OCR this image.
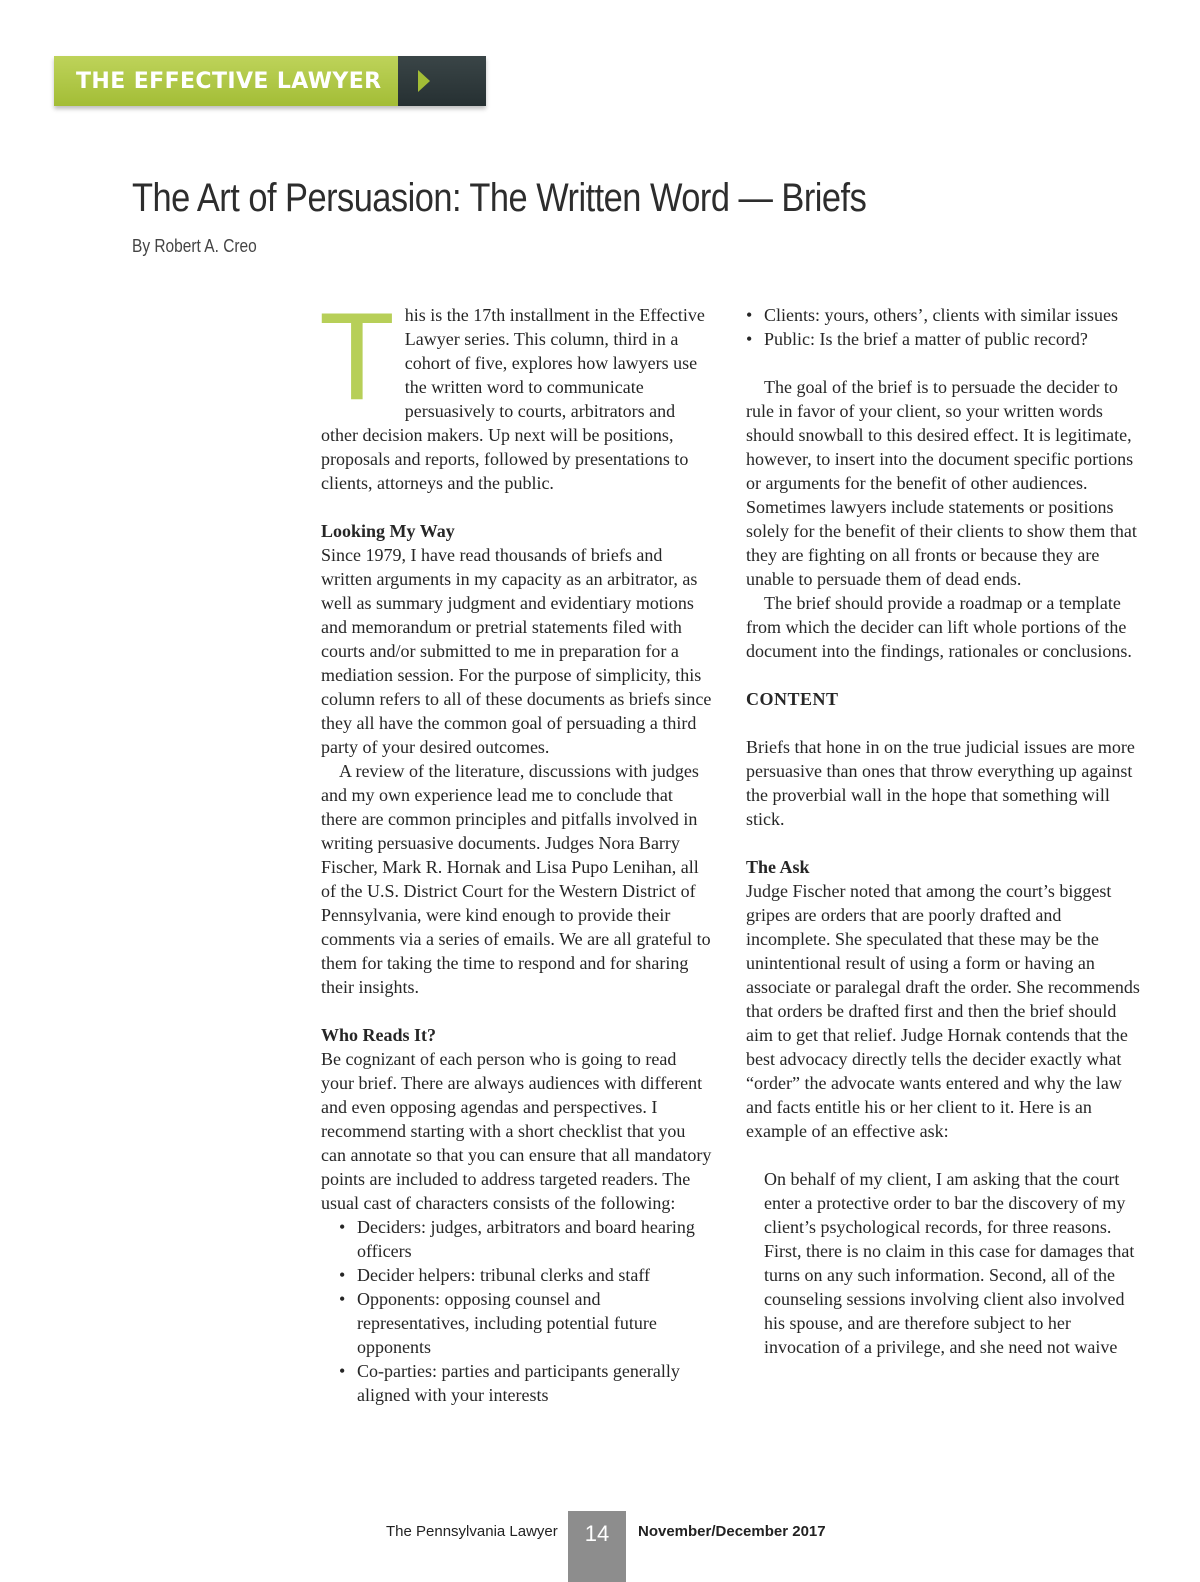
THE EFFECTIVE LAWYER
The Art of Persuasion: The Written Word — Briefs
By Robert A. Creo

This is the 17th installment in the Effective Lawyer series. This column, third in a cohort of five, explores how lawyers use the written word to communicate persuasively to courts, arbitrators and other decision makers. Up next will be positions, proposals and reports, followed by presentations to clients, attorneys and the public.

Looking My Way

Since 1979, I have read thousands of briefs and written arguments in my capacity as an arbitrator, as well as summary judgment and evidentiary motions and memorandum or pretrial statements filed with courts and/or submitted to me in preparation for a mediation session. For the purpose of simplicity, this column refers to all of these documents as briefs since they all have the common goal of persuading a third party of your desired outcomes.

A review of the literature, discussions with judges and my own experience lead me to conclude that there are common principles and pitfalls involved in writing persuasive documents. Judges Nora Barry Fischer, Mark R. Hornak and Lisa Pupo Lenihan, all of the U.S. District Court for the Western District of Pennsylvania, were kind enough to provide their comments via a series of emails. We are all grateful to them for taking the time to respond and for sharing their insights.

Who Reads It?

Be cognizant of each person who is going to read your brief. There are always audiences with different and even opposing agendas and perspectives. I recommend starting with a short checklist that you can annotate so that you can ensure that all mandatory points are included to address targeted readers. The usual cast of characters consists of the following:

• Deciders: judges, arbitrators and board hearing officers
• Decider helpers: tribunal clerks and staff
• Opponents: opposing counsel and representatives, including potential future opponents
• Co-parties: parties and participants generally aligned with your interests
• Clients: yours, others’, clients with similar issues
• Public: Is the brief a matter of public record?

The goal of the brief is to persuade the decider to rule in favor of your client, so your written words should snowball to this desired effect. It is legitimate, however, to insert into the document specific portions or arguments for the benefit of other audiences. Sometimes lawyers include statements or positions solely for the benefit of their clients to show them that they are fighting on all fronts or because they are unable to persuade them of dead ends.

The brief should provide a roadmap or a template from which the decider can lift whole portions of the document into the findings, rationales or conclusions.

CONTENT

Briefs that hone in on the true judicial issues are more persuasive than ones that throw everything up against the proverbial wall in the hope that something will stick.

The Ask

Judge Fischer noted that among the court’s biggest gripes are orders that are poorly drafted and incomplete. She speculated that these may be the unintentional result of using a form or having an associate or paralegal draft the order. She recommends that orders be drafted first and then the brief should aim to get that relief. Judge Hornak contends that the best advocacy directly tells the decider exactly what “order” the advocate wants entered and why the law and facts entitle his or her client to it. Here is an example of an effective ask:

On behalf of my client, I am asking that the court enter a protective order to bar the discovery of my client’s psychological records, for three reasons. First, there is no claim in this case for damages that turns on any such information. Second, all of the counseling sessions involving client also involved his spouse, and are therefore subject to her invocation of a privilege, and she need not waive

The Pennsylvania Lawyer	14	November/December 2017
